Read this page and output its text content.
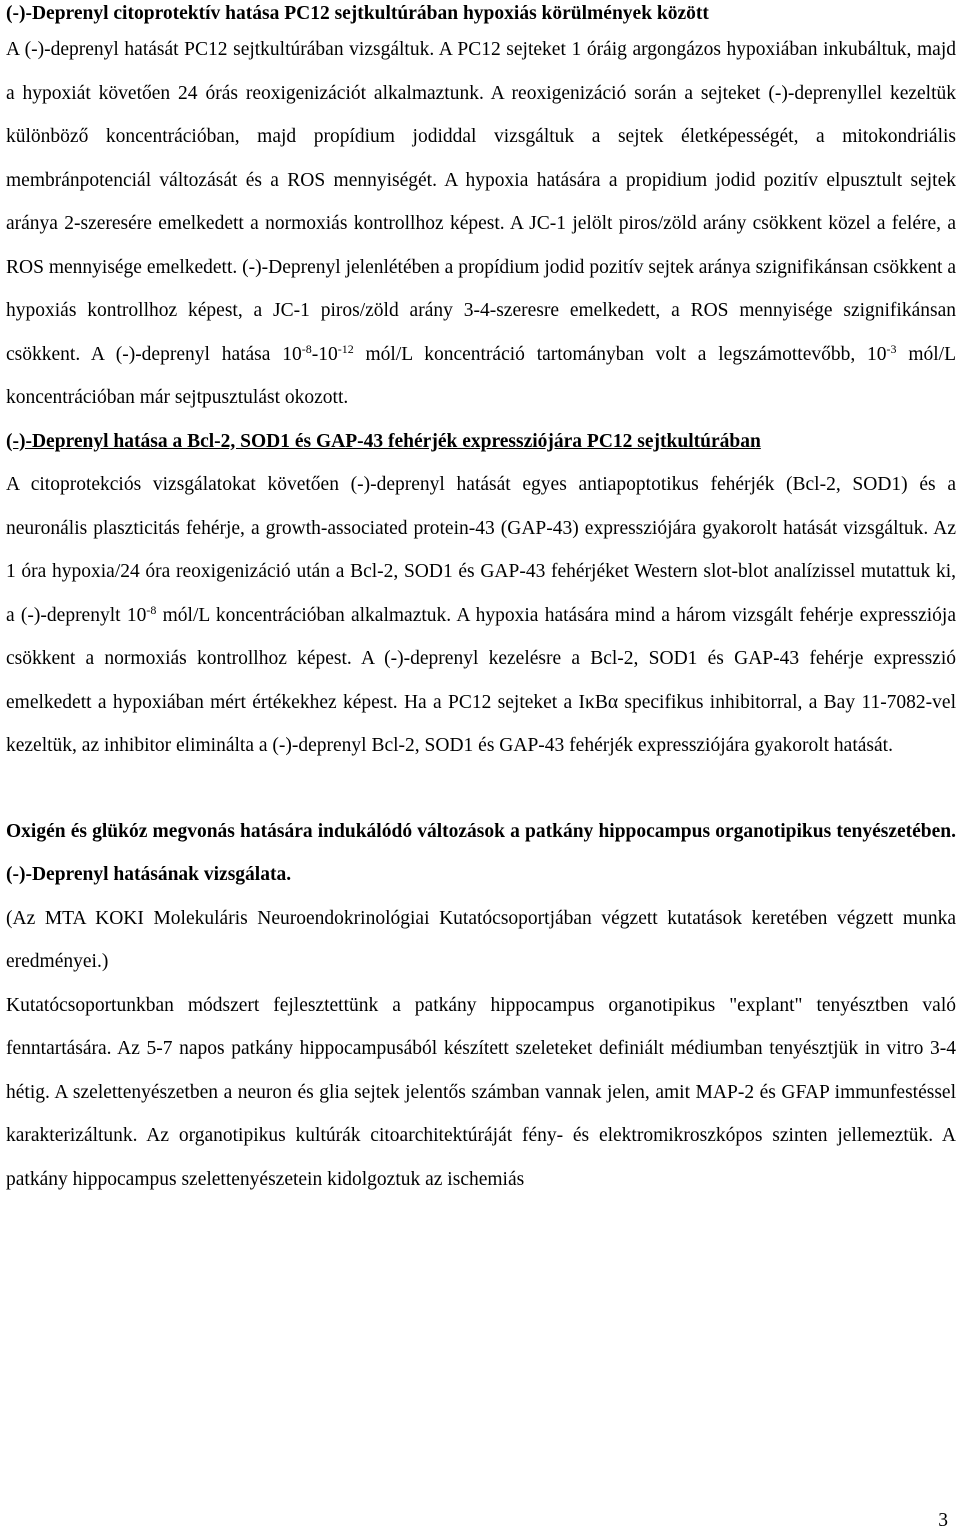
(-)-Deprenyl citoprotektív hatása PC12 sejtkultúrában hypoxiás körülmények között

A (-)-deprenyl hatását PC12 sejtkultúrában vizsgáltuk. A PC12 sejteket 1 óráig argongázos hypoxiában inkubáltuk, majd a hypoxiát követően 24 órás reoxigenizációt alkalmaztunk. A reoxigenizáció során a sejteket (-)-deprenyllel kezeltük különböző koncentrációban, majd propídium jodiddal vizsgáltuk a sejtek életképességét, a mitokondriális membránpotenciál változását és a ROS mennyiségét. A hypoxia hatására a propidium jodid pozitív elpusztult sejtek aránya 2-szeresére emelkedett a normoxiás kontrollhoz képest. A JC-1 jelölt piros/zöld arány csökkent közel a felére, a ROS mennyisége emelkedett. (-)-Deprenyl jelenlétében a propídium jodid pozitív sejtek aránya szignifikánsan csökkent a hypoxiás kontrollhoz képest, a JC-1 piros/zöld arány 3-4-szeresre emelkedett, a ROS mennyisége szignifikánsan csökkent. A (-)-deprenyl hatása $10^{-8}-10^{-12}$ mól/L koncentráció tartományban volt a legszámottevőbb, $10^{-3}$ mól/L koncentrációban már sejtpusztulást okozott.

(-)-Deprenyl hatása a Bcl-2, SOD1 és GAP-43 fehérjék expressziójára PC12 sejtkultúrában

A citoprotekciós vizsgálatokat követően (-)-deprenyl hatását egyes antiapoptotikus fehérjék (Bcl-2, SOD1) és a neuronális plaszticitás fehérje, a growth-associated protein-43 (GAP-43) expressziójára gyakorolt hatását vizsgáltuk. Az 1 óra hypoxia/24 óra reoxigenizáció után a Bcl-2, SOD1 és GAP-43 fehérjéket Western slot-blot analízissel mutattuk ki, a (-)-deprenylt $10^{-8}$ mól/L koncentrációban alkalmaztuk. A hypoxia hatására mind a három vizsgált fehérje expressziója csökkent a normoxiás kontrollhoz képest. A (-)-deprenyl kezelésre a Bcl-2, SOD1 és GAP-43 fehérje expresszió emelkedett a hypoxiában mért értékekhez képest. Ha a PC12 sejteket a IκBα specifikus inhibitorral, a Bay 11-7082-vel kezeltük, az inhibitor eliminálta a (-)-deprenyl Bcl-2, SOD1 és GAP-43 fehérjék expressziójára gyakorolt hatását.

Oxigén és glükóz megvonás hatására indukálódó változások a patkány hippocampus organotipikus tenyészetében. (-)-Deprenyl hatásának vizsgálata.

(Az MTA KOKI Molekuláris Neuroendokrinológiai Kutatócsoportjában végzett kutatások keretében végzett munka eredményei.)

Kutatócsoportunkban módszert fejlesztettünk a patkány hippocampus organotipikus "explant" tenyésztben való fenntartására. Az 5-7 napos patkány hippocampusából készített szeleteket definiált médiumban tenyésztjük in vitro 3-4 hétig. A szelettenyészetben a neuron és glia sejtek jelentős számban vannak jelen, amit MAP-2 és GFAP immunfestéssel karakterizáltunk. Az organotipikus kultúrák citoarchitektúráját fény- és elektromikroszkópos szinten jellemeztük. A patkány hippocampus szelettenyészetein kidolgoztuk az ischemiás

3
